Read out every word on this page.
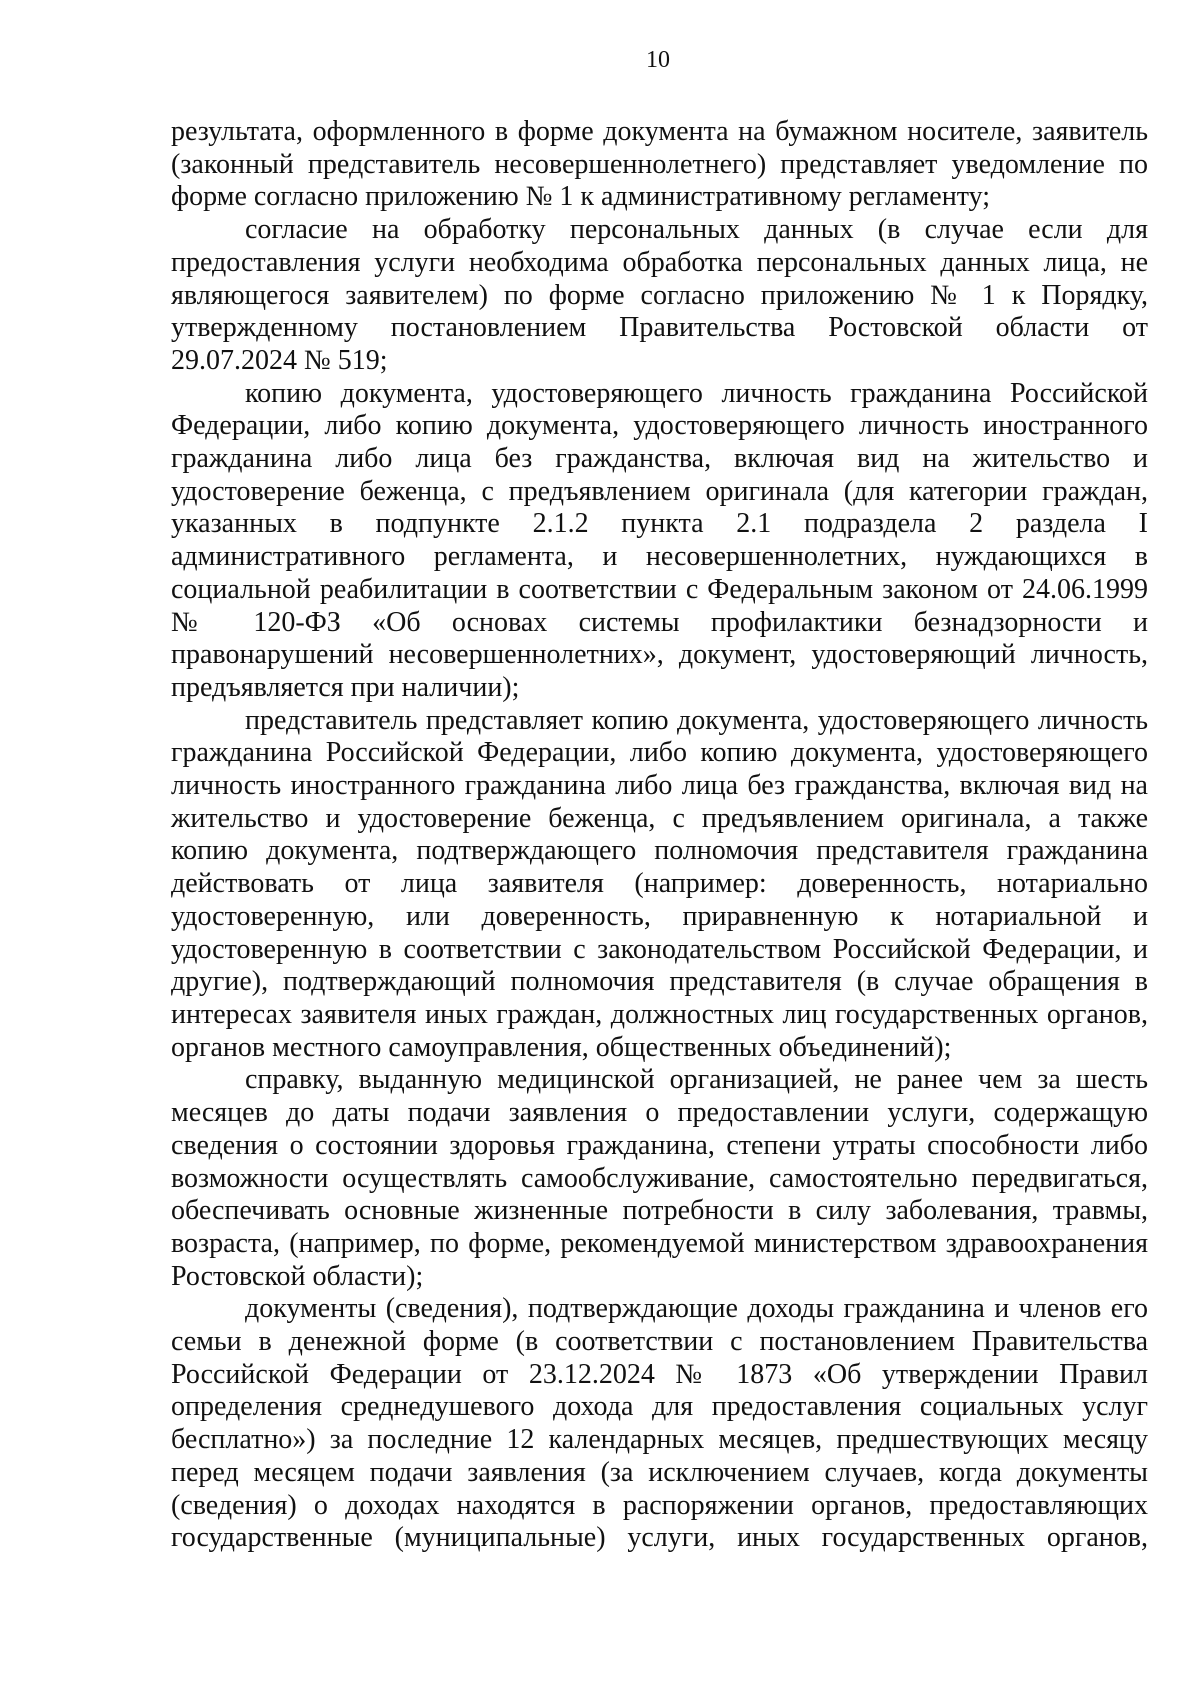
10

результата, оформленного в форме документа на бумажном носителе, заявитель (законный представитель несовершеннолетнего) представляет уведомление по форме согласно приложению № 1 к административному регламенту;

согласие на обработку персональных данных (в случае если для предоставления услуги необходима обработка персональных данных лица, не являющегося заявителем) по форме согласно приложению № 1 к Порядку, утвержденному постановлением Правительства Ростовской области от 29.07.2024 № 519;

копию документа, удостоверяющего личность гражданина Российской Федерации, либо копию документа, удостоверяющего личность иностранного гражданина либо лица без гражданства, включая вид на жительство и удостоверение беженца, с предъявлением оригинала (для категории граждан, указанных в подпункте 2.1.2 пункта 2.1 подраздела 2 раздела I административного регламента, и несовершеннолетних, нуждающихся в социальной реабилитации в соответствии с Федеральным законом от 24.06.1999 № 120-ФЗ «Об основах системы профилактики безнадзорности и правонарушений несовершеннолетних», документ, удостоверяющий личность, предъявляется при наличии);

представитель представляет копию документа, удостоверяющего личность гражданина Российской Федерации, либо копию документа, удостоверяющего личность иностранного гражданина либо лица без гражданства, включая вид на жительство и удостоверение беженца, с предъявлением оригинала, а также копию документа, подтверждающего полномочия представителя гражданина действовать от лица заявителя (например: доверенность, нотариально удостоверенную, или доверенность, приравненную к нотариальной и удостоверенную в соответствии с законодательством Российской Федерации, и другие), подтверждающий полномочия представителя (в случае обращения в интересах заявителя иных граждан, должностных лиц государственных органов, органов местного самоуправления, общественных объединений);

справку, выданную медицинской организацией, не ранее чем за шесть месяцев до даты подачи заявления о предоставлении услуги, содержащую сведения о состоянии здоровья гражданина, степени утраты способности либо возможности осуществлять самообслуживание, самостоятельно передвигаться, обеспечивать основные жизненные потребности в силу заболевания, травмы, возраста, (например, по форме, рекомендуемой министерством здравоохранения Ростовской области);

документы (сведения), подтверждающие доходы гражданина и членов его семьи в денежной форме (в соответствии с постановлением Правительства Российской Федерации от 23.12.2024 № 1873 «Об утверждении Правил определения среднедушевого дохода для предоставления социальных услуг бесплатно») за последние 12 календарных месяцев, предшествующих месяцу перед месяцем подачи заявления (за исключением случаев, когда документы (сведения) о доходах находятся в распоряжении органов, предоставляющих государственные (муниципальные) услуги, иных государственных органов,
